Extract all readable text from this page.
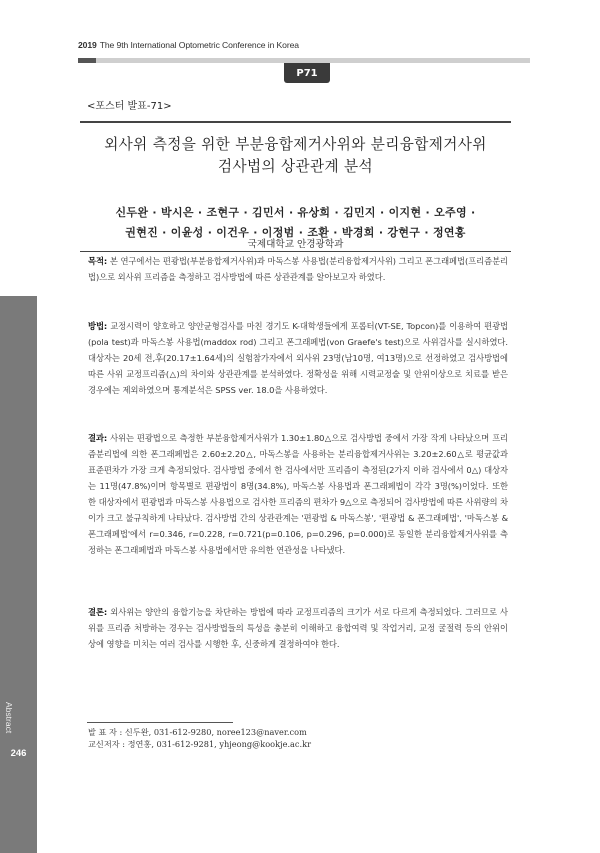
2019 The 9th International Optometric Conference in Korea
P71
<포스터 발표-71>
외사위 측정을 위한 부분융합제거사위와 분리융합제거사위
검사법의 상관관계 분석
신두완 · 박시은 · 조현구 · 김민서 · 유상희 · 김민지 · 이지현 · 오주영 ·
권현진 · 이윤성 · 이건우 · 이정범 · 조환 · 박경희 · 강현구 · 정연홍
국제대학교 안경광학과
목적: 본 연구에서는 편광법(부분융합제거사위)과 마독스봉 사용법(분리융합제거사위) 그리고 폰그래페법(프리즘분리법)으로 외사위 프리즘을 측정하고 검사방법에 따른 상관관계를 알아보고자 하였다.
방법: 교정시력이 양호하고 양안균형검사를 마친 경기도 K-대학생들에게 포롭터(VT-SE, Topcon)를 이용하여 편광법(pola test)과 마독스봉 사용법(maddox rod) 그리고 폰그래페법(von Graefe's test)으로 사위검사를 실시하였다. 대상자는 20세 전,후(20.17±1.64세)의 실험참가자에서 외사위 23명(남10명, 여13명)으로 선정하였고 검사방법에 따른 사위 교정프리즘(△)의 차이와 상관관계를 분석하였다. 정확성을 위해 시력교정술 및 안위이상으로 치료를 받은 경우에는 제외하였으며 통계분석은 SPSS ver. 18.0을 사용하였다.
결과: 사위는 편광법으로 측정한 부분융합제거사위가 1.30±1.80△으로 검사방법 중에서 가장 작게 나타났으며 프리즘분리법에 의한 폰그래페법은 2.60±2.20△, 마독스봉을 사용하는 분리융합제거사위는 3.20±2.60△로 평균값과 표준편차가 가장 크게 측정되었다. 검사방법 중에서 한 검사에서만 프리즘이 측정된(2가지 이하 검사에서 0△) 대상자는 11명(47.8%)이며 항목별로 편광법이 8명(34.8%), 마독스봉 사용법과 폰그래페법이 각각 3명(%)이었다. 또한 한 대상자에서 편광법과 마독스봉 사용법으로 검사한 프리즘의 편차가 9△으로 측정되어 검사방법에 따른 사위량의 차이가 크고 불규칙하게 나타났다. 검사방법 간의 상관관계는 '편광법 & 마독스봉', '편광법 & 폰그래페법', '마독스봉 & 폰그래페법'에서 r=0.346, r=0.228, r=0.721(p=0.106, p=0.296, p=0.000)로 동일한 분리융합제거사위를 측정하는 폰그래페법과 마독스봉 사용법에서만 유의한 연관성을 나타냈다.
결론: 외사위는 양안의 융합기능을 차단하는 방법에 따라 교정프리즘의 크기가 서로 다르게 측정되었다. 그러므로 사위를 프리즘 처방하는 경우는 검사방법들의 특성을 충분히 이해하고 융합여력 및 작업거리, 교정 굴절력 등의 안위이상에 영향을 미치는 여러 검사를 시행한 후, 신중하게 결정하여야 한다.
발 표 자 : 신두완, 031-612-9280, noree123@naver.com
교신저자 : 정연홍, 031-612-9281, yhjeong@kookje.ac.kr
Abstract
246
